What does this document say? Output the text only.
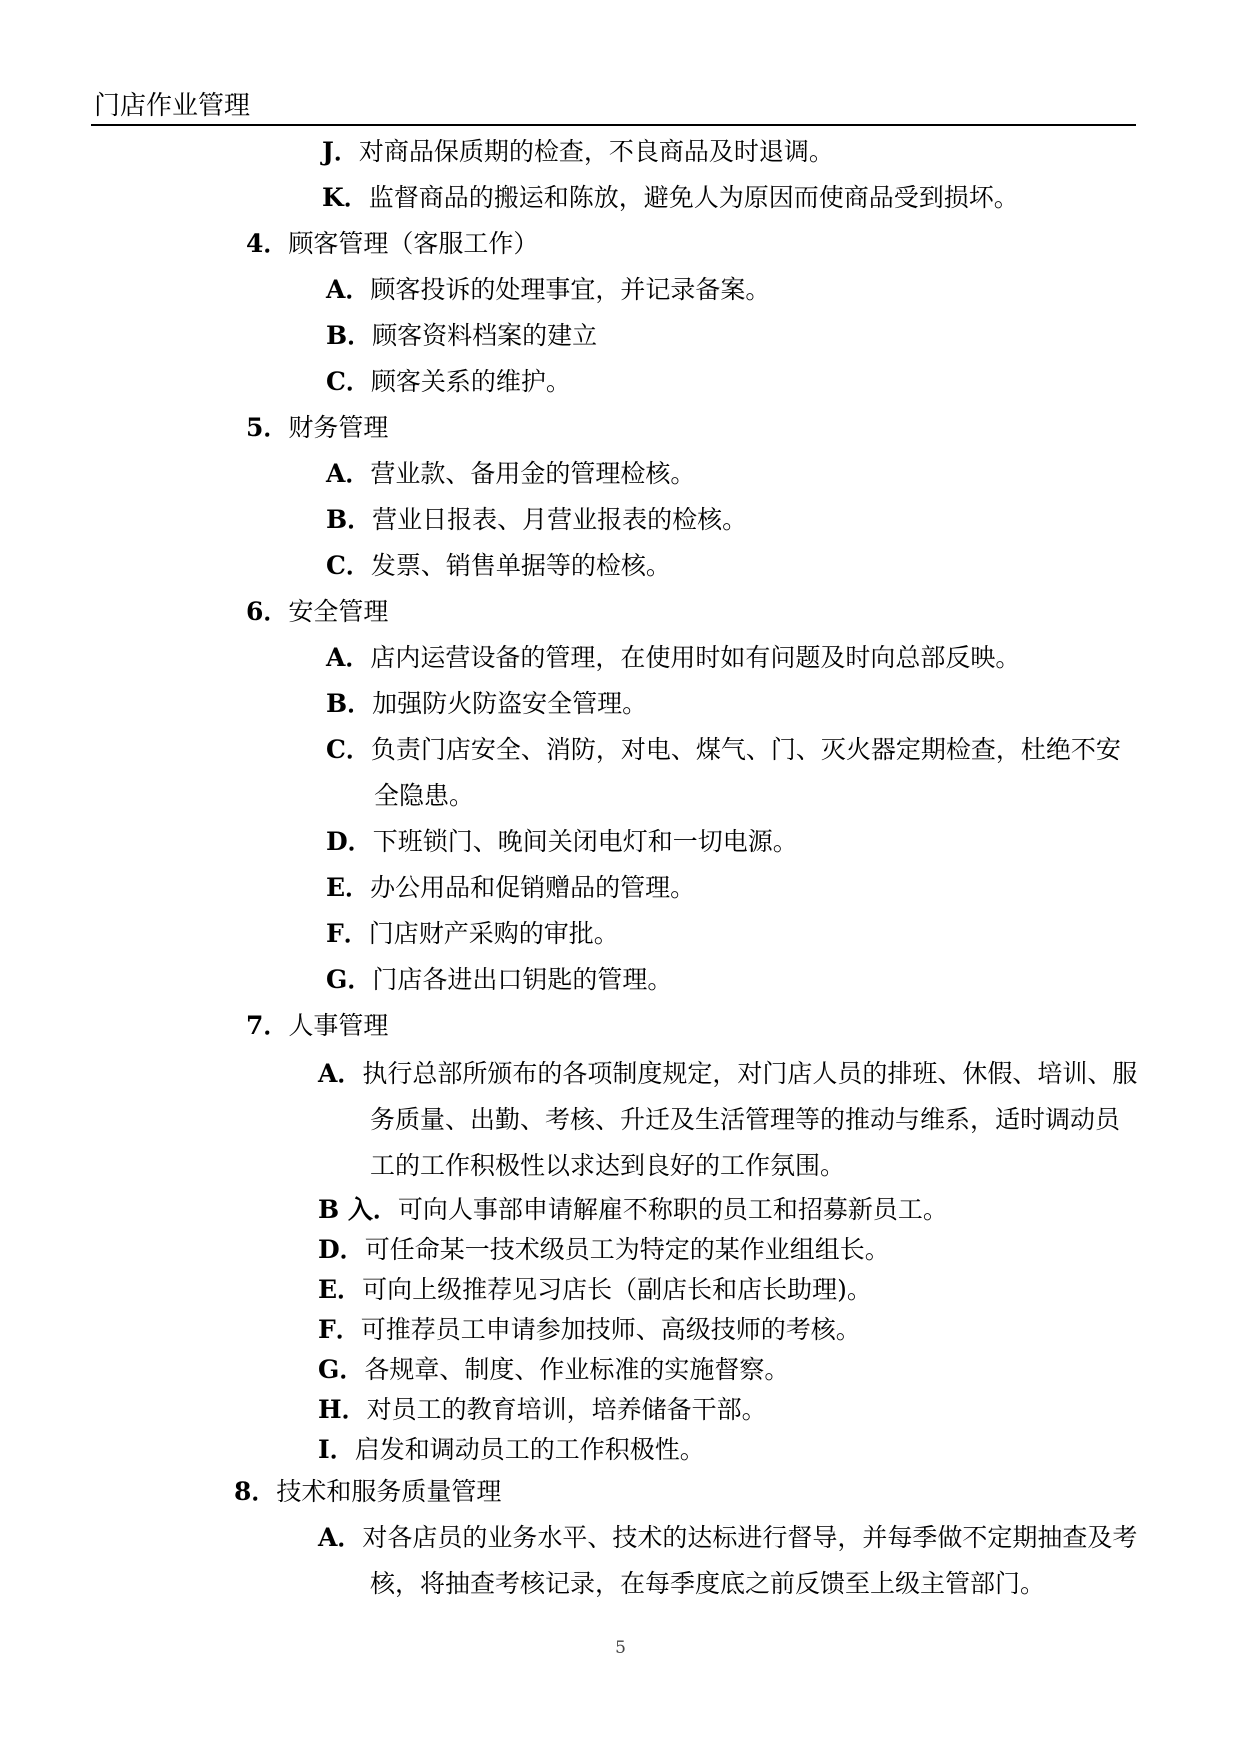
门店作业管理
J．对商品保质期的检查，不良商品及时退调。
K．监督商品的搬运和陈放，避免人为原因而使商品受到损坏。
4．顾客管理（客服工作）
A．顾客投诉的处理事宜，并记录备案。
B．顾客资料档案的建立
C．顾客关系的维护。
5．财务管理
A．营业款、备用金的管理检核。
B．营业日报表、月营业报表的检核。
C．发票、销售单据等的检核。
6．安全管理
A．店内运营设备的管理，在使用时如有问题及时向总部反映。
B．加强防火防盗安全管理。
C．负责门店安全、消防，对电、煤气、门、灭火器定期检查，杜绝不安
全隐患。
D．下班锁门、晚间关闭电灯和一切电源。
E．办公用品和促销赠品的管理。
F．门店财产采购的审批。
G．门店各进出口钥匙的管理。
7．人事管理
A．执行总部所颁布的各项制度规定，对门店人员的排班、休假、培训、服
务质量、出勤、考核、升迁及生活管理等的推动与维系，适时调动员
工的工作积极性以求达到良好的工作氛围。
B 入．可向人事部申请解雇不称职的员工和招募新员工。
D．可任命某一技术级员工为特定的某作业组组长。
E．可向上级推荐见习店长（副店长和店长助理)。
F．可推荐员工申请参加技师、高级技师的考核。
G．各规章、制度、作业标准的实施督察。
H．对员工的教育培训，培养储备干部。
I．启发和调动员工的工作积极性。
8．技术和服务质量管理
A．对各店员的业务水平、技术的达标进行督导，并每季做不定期抽查及考
核，将抽查考核记录，在每季度底之前反馈至上级主管部门。
5
